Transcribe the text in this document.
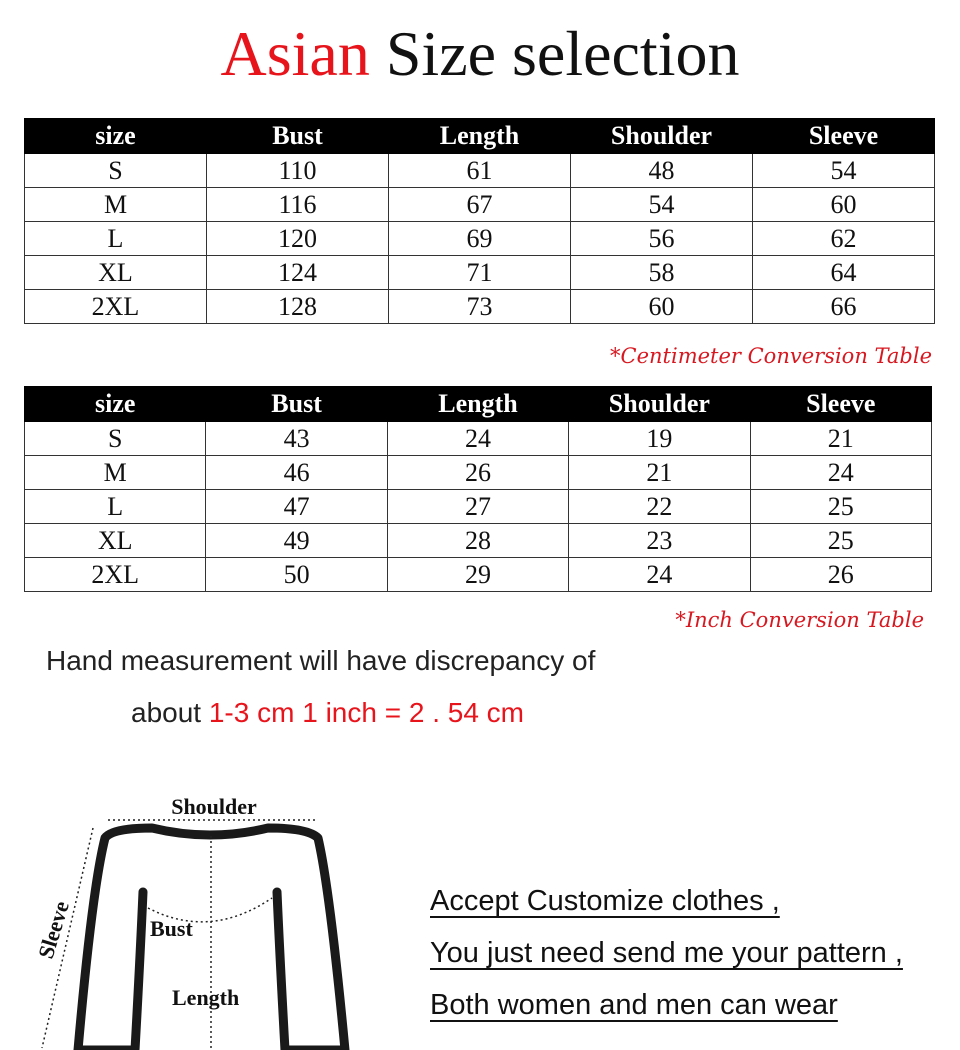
Asian Size selection
size	Bust	Length	Shoulder	Sleeve
S	110	61	48	54
M	116	67	54	60
L	120	69	56	62
XL	124	71	58	64
2XL	128	73	60	66
*Centimeter Conversion Table
size	Bust	Length	Shoulder	Sleeve
S	43	24	19	21
M	46	26	21	24
L	47	27	22	25
XL	49	28	23	25
2XL	50	29	24	26
*Inch Conversion Table
Hand measurement will have discrepancy of
about 1-3 cm 1 inch = 2 . 54 cm
Shoulder
Sleeve	Bust
Length
Accept Customize clothes ,
You just need send me your pattern ,
Both women and men can wear
